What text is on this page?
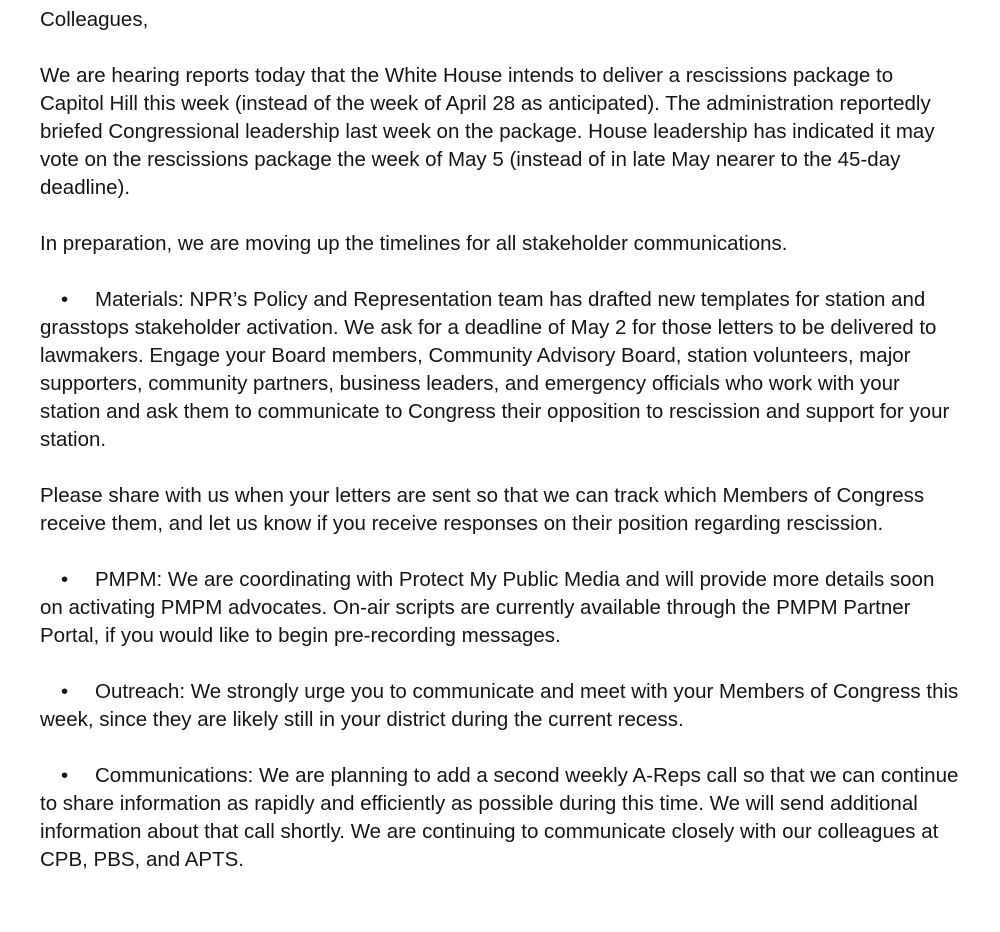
Colleagues,

We are hearing reports today that the White House intends to deliver a rescissions package to Capitol Hill this week (instead of the week of April 28 as anticipated). The administration reportedly briefed Congressional leadership last week on the package. House leadership has indicated it may vote on the rescissions package the week of May 5 (instead of in late May nearer to the 45-day deadline).

In preparation, we are moving up the timelines for all stakeholder communications.

• Materials: NPR’s Policy and Representation team has drafted new templates for station and grasstops stakeholder activation. We ask for a deadline of May 2 for those letters to be delivered to lawmakers. Engage your Board members, Community Advisory Board, station volunteers, major supporters, community partners, business leaders, and emergency officials who work with your station and ask them to communicate to Congress their opposition to rescission and support for your station.

Please share with us when your letters are sent so that we can track which Members of Congress receive them, and let us know if you receive responses on their position regarding rescission.

• PMPM: We are coordinating with Protect My Public Media and will provide more details soon on activating PMPM advocates. On-air scripts are currently available through the PMPM Partner Portal, if you would like to begin pre-recording messages.

• Outreach: We strongly urge you to communicate and meet with your Members of Congress this week, since they are likely still in your district during the current recess.

• Communications: We are planning to add a second weekly A-Reps call so that we can continue to share information as rapidly and efficiently as possible during this time. We will send additional information about that call shortly. We are continuing to communicate closely with our colleagues at CPB, PBS, and APTS.
